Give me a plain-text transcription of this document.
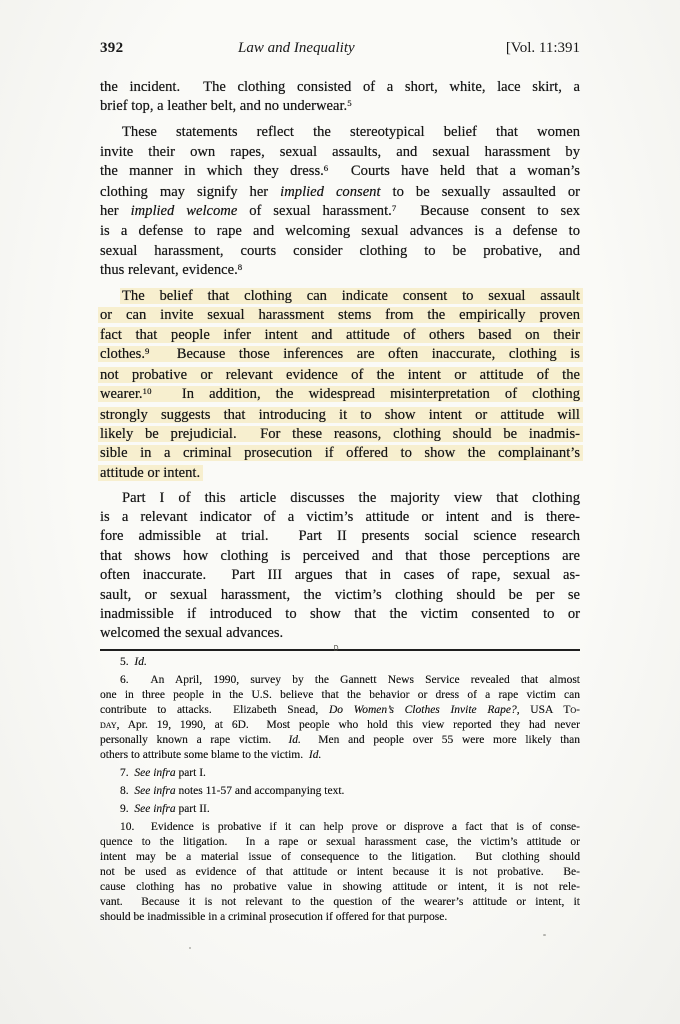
392	Law and Inequality	[Vol. 11:391
the incident.  The clothing consisted of a short, white, lace skirt, a
brief top, a leather belt, and no underwear.$^5$
These statements reflect the stereotypical belief that women
invite their own rapes, sexual assaults, and sexual harassment by
the manner in which they dress.$^6$  Courts have held that a woman’s
clothing may signify her implied consent to be sexually assaulted or
her implied welcome of sexual harassment.$^7$  Because consent to sex
is a defense to rape and welcoming sexual advances is a defense to
sexual harassment, courts consider clothing to be probative, and
thus relevant, evidence.$^8$
The belief that clothing can indicate consent to sexual assault
or can invite sexual harassment stems from the empirically proven
fact that people infer intent and attitude of others based on their
clothes.$^9$  Because those inferences are often inaccurate, clothing is
not probative or relevant evidence of the intent or attitude of the
wearer.$^{10}$  In addition, the widespread misinterpretation of clothing
strongly suggests that introducing it to show intent or attitude will
likely be prejudicial.  For these reasons, clothing should be inadmis-
sible in a criminal prosecution if offered to show the complainant’s
attitude or intent.
Part I of this article discusses the majority view that clothing
is a relevant indicator of a victim’s attitude or intent and is there-
fore admissible at trial.  Part II presents social science research
that shows how clothing is perceived and that those perceptions are
often inaccurate.  Part III argues that in cases of rape, sexual as-
sault, or sexual harassment, the victim’s clothing should be per se
inadmissible if introduced to show that the victim consented to or
welcomed the sexual advances.
5.  Id.
6.  An April, 1990, survey by the Gannett News Service revealed that almost
one in three people in the U.S. believe that the behavior or dress of a rape victim can
contribute to attacks.  Elizabeth Snead, Do Women’s Clothes Invite Rape?, USA To-
day, Apr. 19, 1990, at 6D.  Most people who hold this view reported they had never
personally known a rape victim.  Id.  Men and people over 55 were more likely than
others to attribute some blame to the victim.  Id.
7.  See infra part I.
8.  See infra notes 11-57 and accompanying text.
9.  See infra part II.
10.  Evidence is probative if it can help prove or disprove a fact that is of conse-
quence to the litigation.  In a rape or sexual harassment case, the victim’s attitude or
intent may be a material issue of consequence to the litigation.  But clothing should
not be used as evidence of that attitude or intent because it is not probative.  Be-
cause clothing has no probative value in showing attitude or intent, it is not rele-
vant.  Because it is not relevant to the question of the wearer’s attitude or intent, it
should be inadmissible in a criminal prosecution if offered for that purpose.
D
